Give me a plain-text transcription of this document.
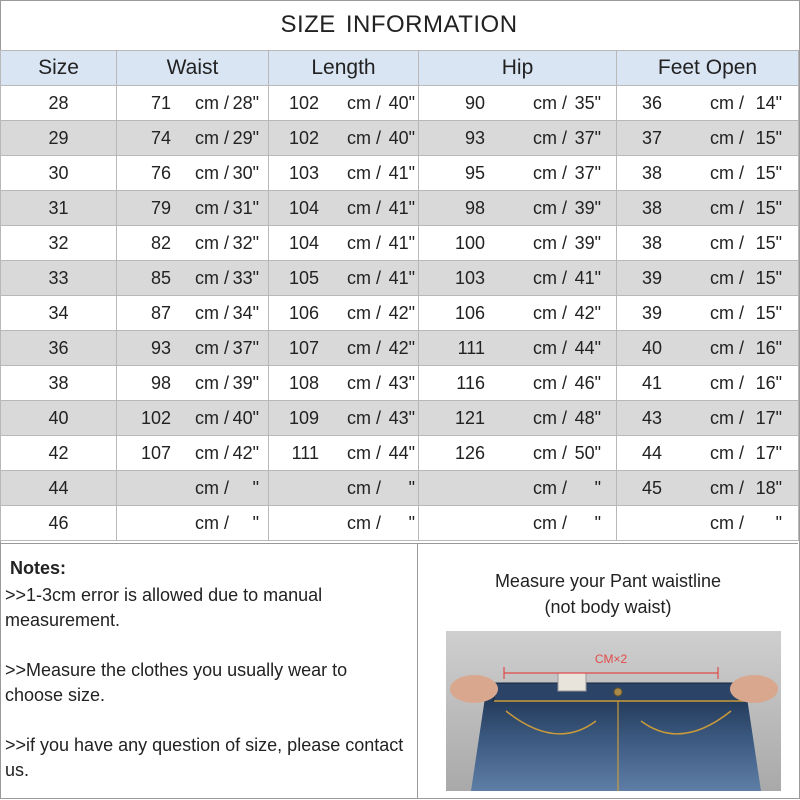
SIZE INFORMATION
Size	Waist	Length	Hip	Feet Open
28	71 cm / 28"	102 cm / 40"	90 cm / 35"	36 cm / 14"

29	74 cm / 29"	102 cm / 40"	93 cm / 37"	37 cm / 15"

30	76 cm / 30"	103 cm / 41"	95 cm / 37"	38 cm / 15"

31	79 cm / 31"	104 cm / 41"	98 cm / 39"	38 cm / 15"

32	82 cm / 32"	104 cm / 41"	100 cm / 39"	38 cm / 15"

33	85 cm / 33"	105 cm / 41"	103 cm / 41"	39 cm / 15"

34	87 cm / 34"	106 cm / 42"	106 cm / 42"	39 cm / 15"

36	93 cm / 37"	107 cm / 42"	111 cm / 44"	40 cm / 16"

38	98 cm / 39"	108 cm / 43"	116 cm / 46"	41 cm / 16"

40	102 cm / 40"	109 cm / 43"	121 cm / 48"	43 cm / 17"

42	107 cm / 42"	111 cm / 44"	126 cm / 50"	44 cm / 17"

44	cm / "	cm / "	cm / "	45 cm / 18"

46	cm / "	cm / "	cm / "	cm / "
Notes:

>>1-3cm error is allowed due to manual measurement.

>>Measure the clothes you usually wear to choose size.

>>if you have any question of size, please contact us.

Measure your Pant waistline
(not body waist)
CM×2
